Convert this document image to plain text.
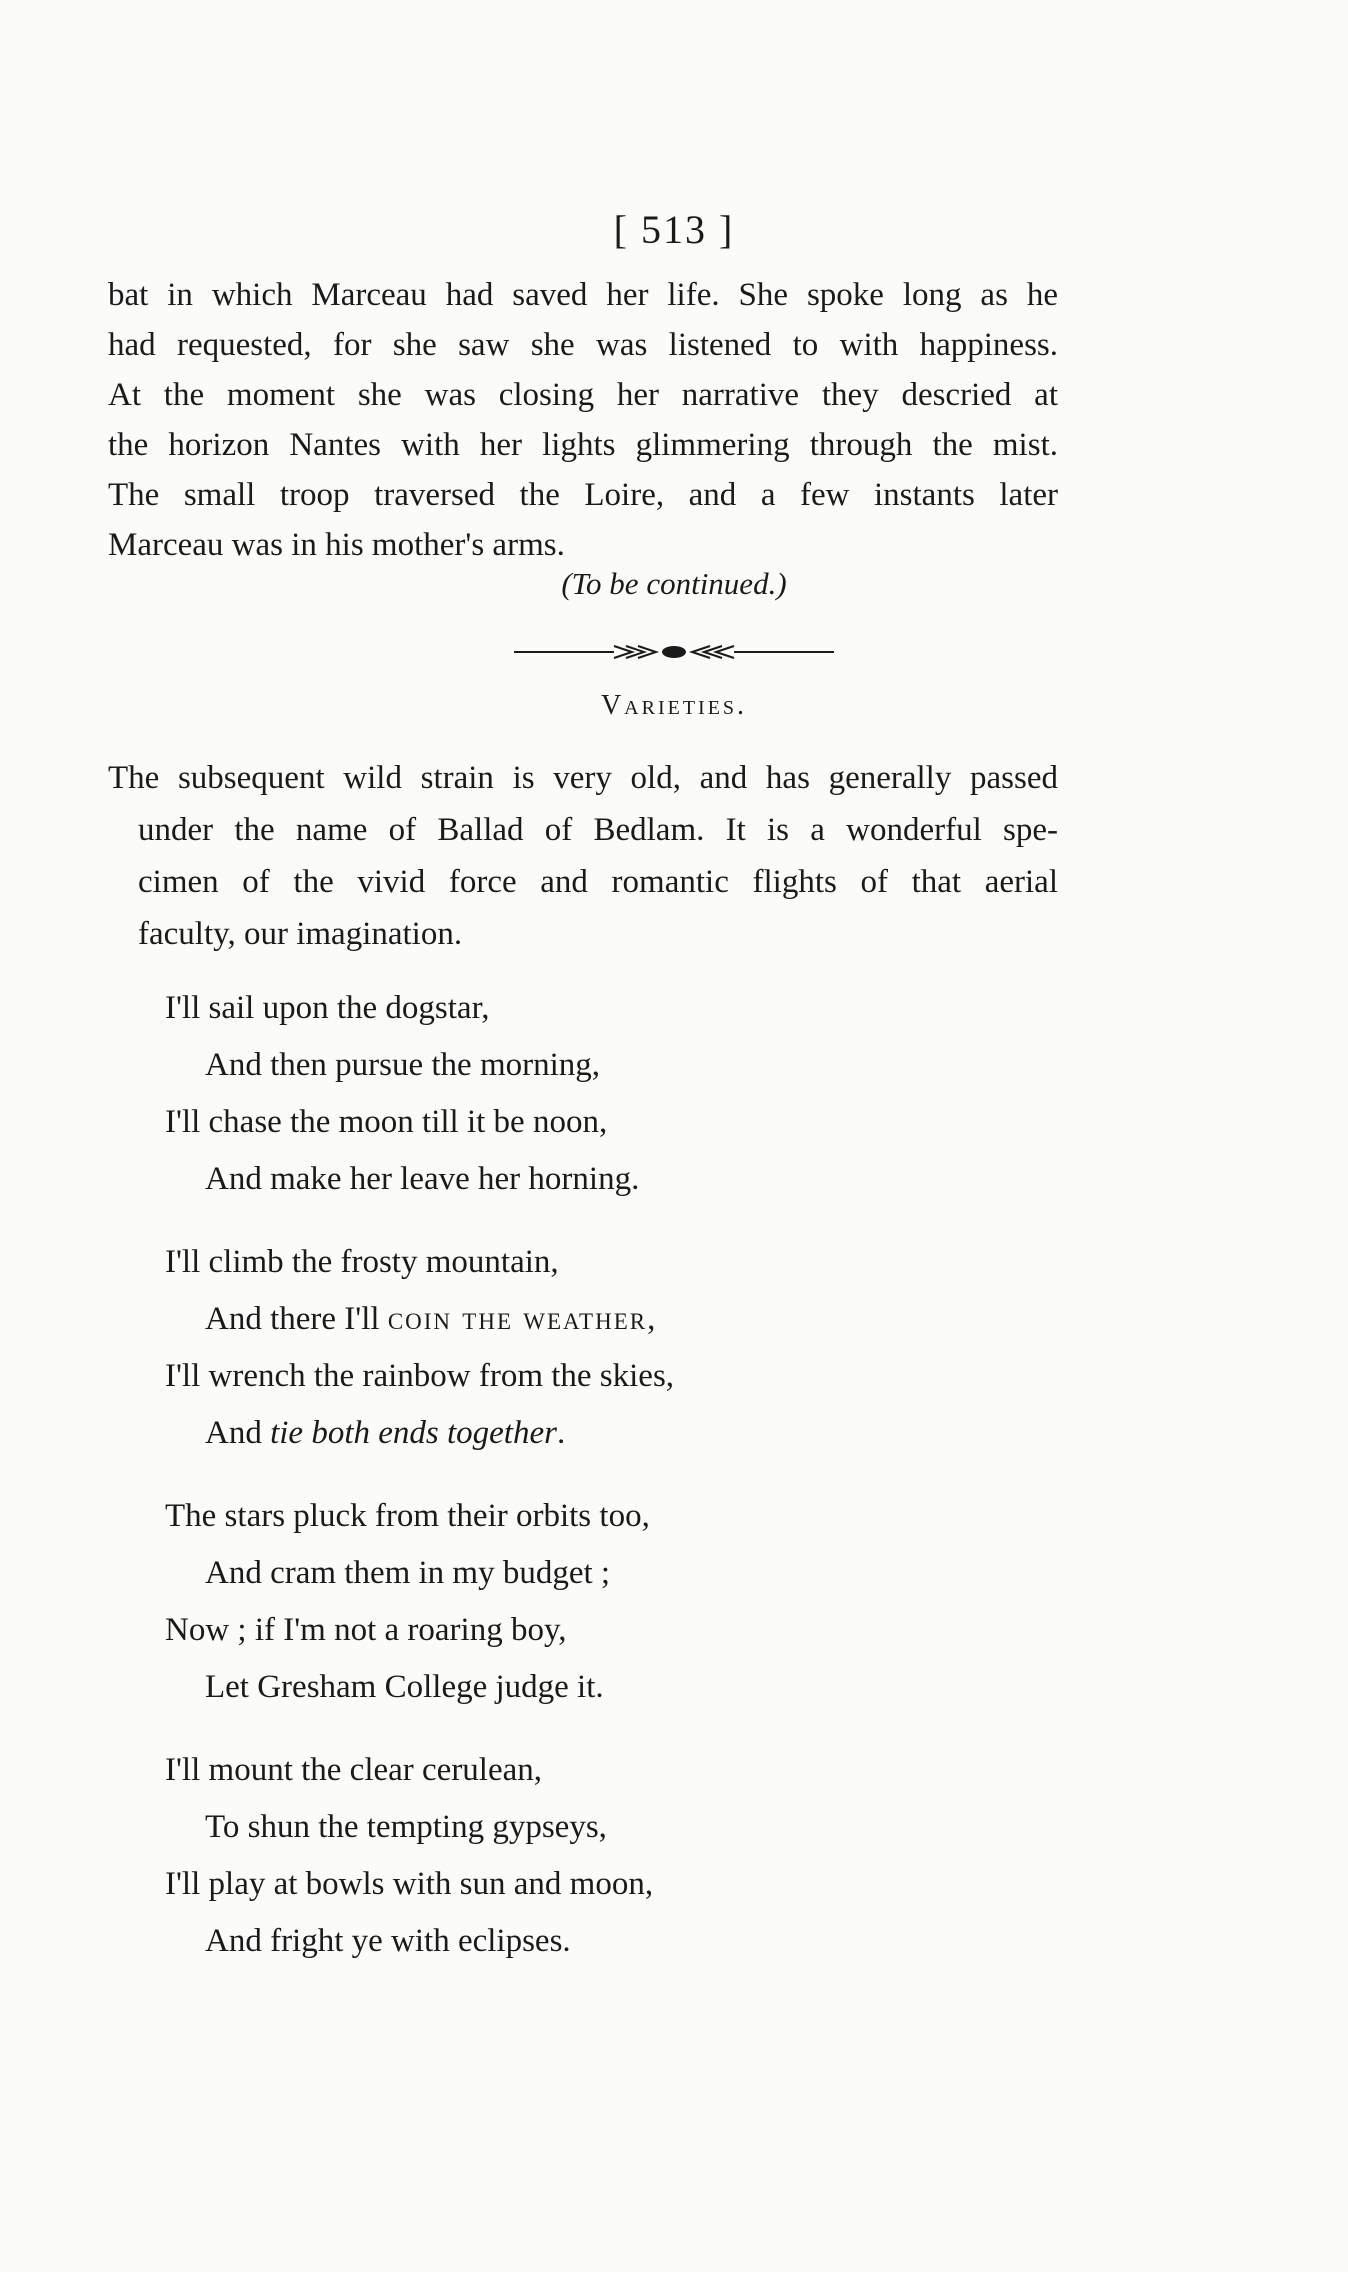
[ 513 ]
bat in which Marceau had saved her life. She spoke long as he
had requested, for she saw she was listened to with happiness.
At the moment she was closing her narrative they descried at
the horizon Nantes with her lights glimmering through the mist.
The small troop traversed the Loire, and a few instants later
Marceau was in his mother's arms.
(To be continued.)
Varieties.
The subsequent wild strain is very old, and has generally passed
under the name of Ballad of Bedlam. It is a wonderful spe-
cimen of the vivid force and romantic flights of that aerial
faculty, our imagination.
I'll sail upon the dogstar,
And then pursue the morning,
I'll chase the moon till it be noon,
And make her leave her horning.
I'll climb the frosty mountain,
And there I'll coin the weather,
I'll wrench the rainbow from the skies,
And tie both ends together.
The stars pluck from their orbits too,
And cram them in my budget ;
Now ; if I'm not a roaring boy,
Let Gresham College judge it.
I'll mount the clear cerulean,
To shun the tempting gypseys,
I'll play at bowls with sun and moon,
And fright ye with eclipses.
